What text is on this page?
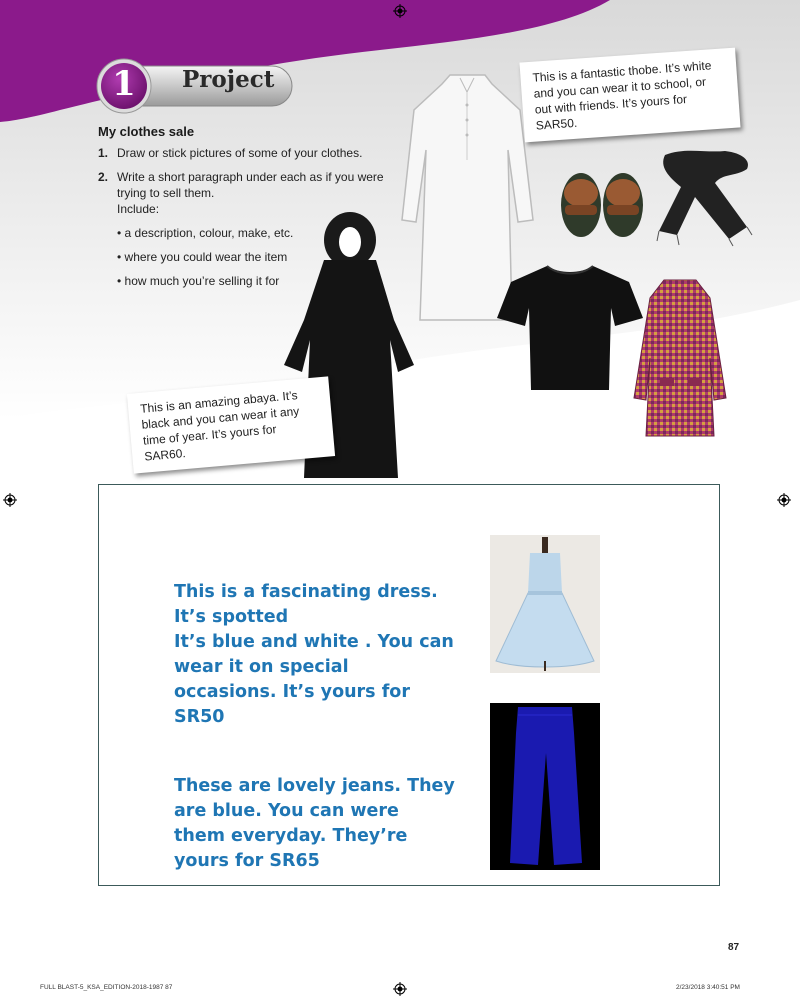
1	Project
My clothes sale
1. Draw or stick pictures of some of your clothes.
2. Write a short paragraph under each as if you were trying to sell them.
Include:
• a description, colour, make, etc.
• where you could wear the item
• how much you’re selling it for
This is a fantastic thobe. It’s white and you can wear it to school, or out with friends. It’s yours for SAR50.
This is an amazing abaya. It’s black and you can wear it any time of year. It’s yours for SAR60.
This is a fascinating dress.
It’s spotted
It’s blue and white . You can
wear it on special
occasions. It’s yours for
SR50
These are lovely jeans. They
are blue. You can were
them everyday. They’re
yours for SR65
87
FULL BLAST-5_KSA_EDITION-2018-1987 87	2/23/2018 3:40:51 PM
